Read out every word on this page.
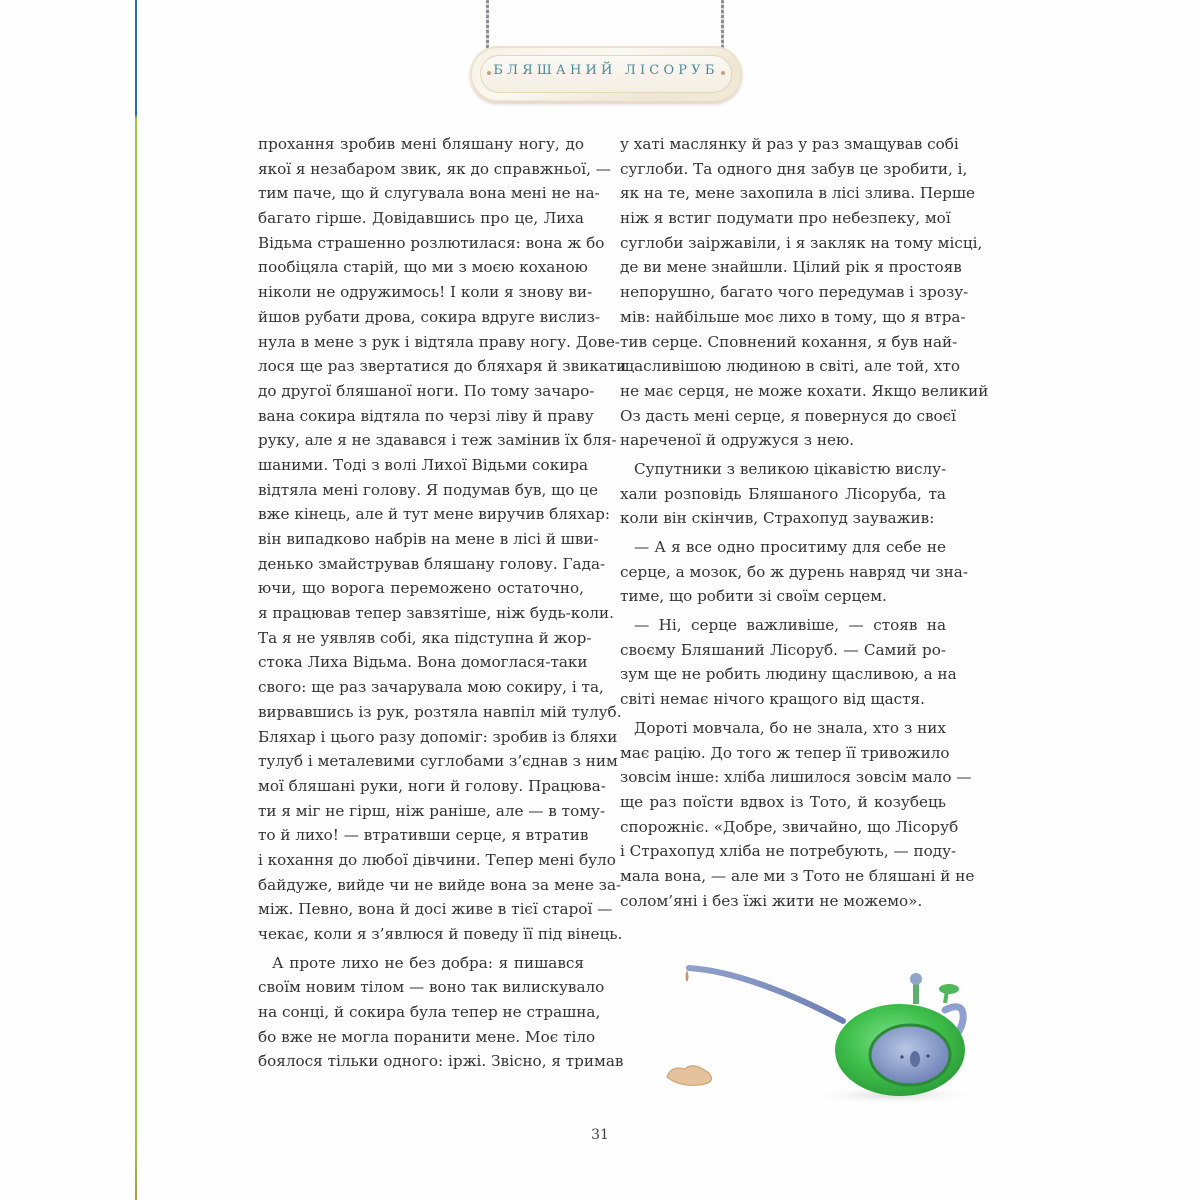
БЛЯШАНИЙ ЛІСОРУБ
прохання зробив мені бляшану ногу, до
якої я незабаром звик, як до справжньої, —
тим паче, що й слугувала вона мені не на-
багато гірше. Довідавшись про це, Лиха
Відьма страшенно розлютилася: вона ж бо
пообіцяла старій, що ми з моєю коханою
ніколи не одружимось! І коли я знову ви-
йшов рубати дрова, сокира вдруге вислиз-
нула в мене з рук і відтяла праву ногу. Дове-
лося ще раз звертатися до бляхаря й звикати
до другої бляшаної ноги. По тому зачаро-
вана сокира відтяла по черзі ліву й праву
руку, але я не здавався і теж замінив їх бля-
шаними. Тоді з волі Лихої Відьми сокира
відтяла мені голову. Я подумав був, що це
вже кінець, але й тут мене виручив бляхар:
він випадково набрів на мене в лісі й шви-
денько змайстрував бляшану голову. Гада-
ючи, що ворога переможено остаточно,
я працював тепер завзятіше, ніж будь-коли.
Та я не уявляв собі, яка підступна й жор-
стока Лиха Відьма. Вона домоглася-таки
свого: ще раз зачарувала мою сокиру, і та,
вирвавшись із рук, розтяла навпіл мій тулуб.
Бляхар і цього разу допоміг: зробив із бляхи
тулуб і металевими суглобами з’єднав з ним
мої бляшані руки, ноги й голову. Працюва-
ти я міг не гірш, ніж раніше, але — в тому-
то й лихо! — втративши серце, я втратив
і кохання до любої дівчини. Тепер мені було
байдуже, вийде чи не вийде вона за мене за-
між. Певно, вона й досі живе в тієї старої —
чекає, коли я з’явлюся й поведу її під вінець.
А проте лихо не без добра: я пишався
своїм новим тілом — воно так вилискувало
на сонці, й сокира була тепер не страшна,
бо вже не могла поранити мене. Моє тіло
боялося тільки одного: іржі. Звісно, я тримав
у хаті маслянку й раз у раз змащував собі
суглоби. Та одного дня забув це зробити, і,
як на те, мене захопила в лісі злива. Перше
ніж я встиг подумати про небезпеку, мої
суглоби заіржавіли, і я закляк на тому місці,
де ви мене знайшли. Цілий рік я простояв
непорушно, багато чого передумав і зрозу-
мів: найбільше моє лихо в тому, що я втра-
тив серце. Сповнений кохання, я був най-
щасливішою людиною в світі, але той, хто
не має серця, не може кохати. Якщо великий
Оз дасть мені серце, я повернуся до своєї
нареченої й одружуся з нею.
Супутники з великою цікавістю вислу-
хали розповідь Бляшаного Лісоруба, та
коли він скінчив, Страхопуд зауважив:
— А я все одно проситиму для себе не
серце, а мозок, бо ж дурень навряд чи зна-
тиме, що робити зі своїм серцем.
— Ні, серце важливіше, — стояв на
своєму Бляшаний Лісоруб. — Самий ро-
зум ще не робить людину щасливою, а на
світі немає нічого кращого від щастя.
Дороті мовчала, бо не знала, хто з них
має рацію. До того ж тепер її тривожило
зовсім інше: хліба лишилося зовсім мало —
ще раз поїсти вдвох із Тото, й козубець
спорожніє. «Добре, звичайно, що Лісоруб
і Страхопуд хліба не потребують, — поду-
мала вона, — але ми з Тото не бляшані й не
солом’яні і без їжі жити не можемо».
31
